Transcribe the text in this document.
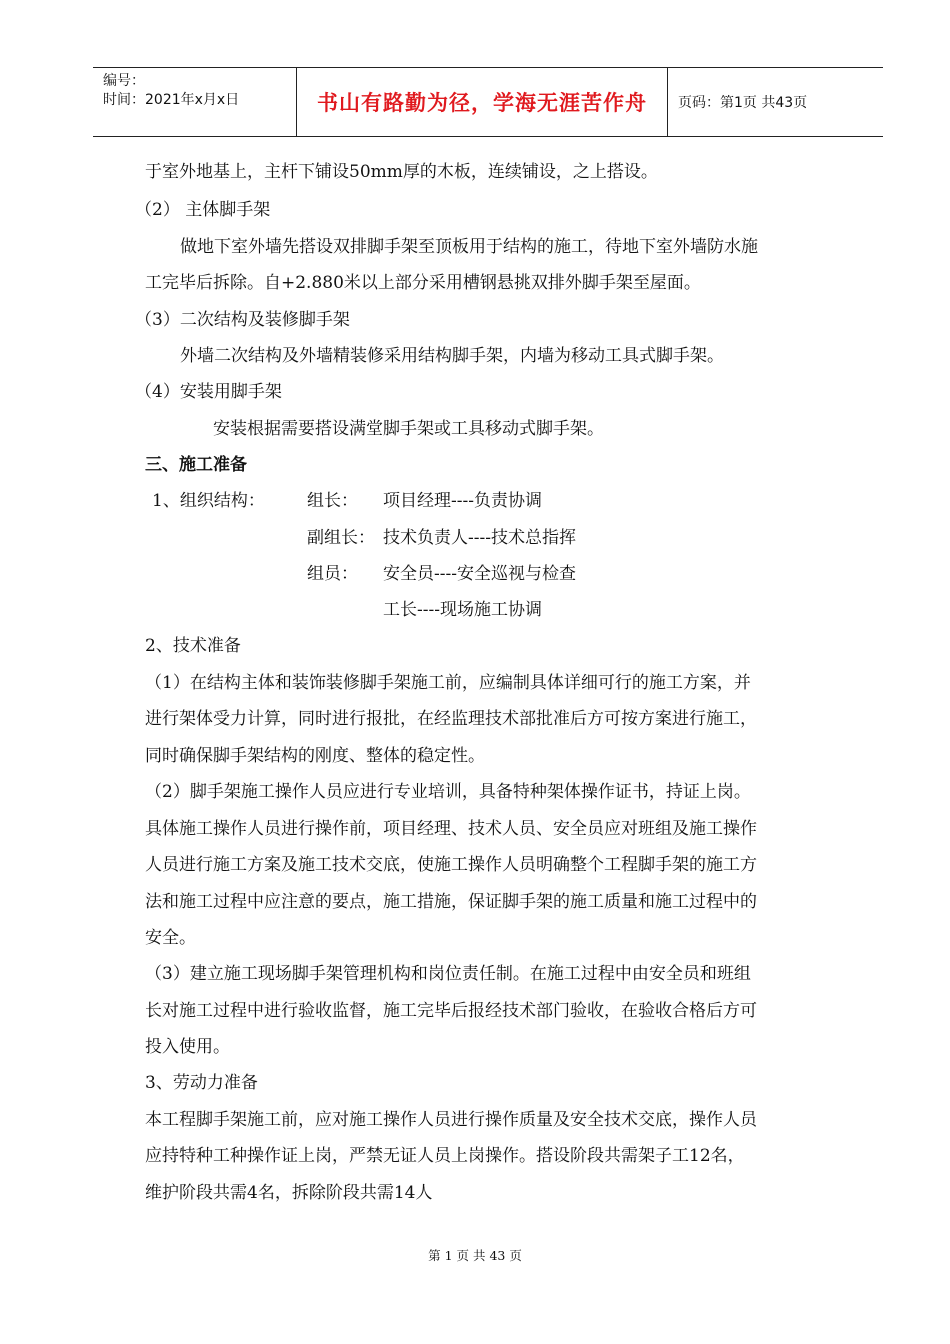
编号：
时间：2021年x月x日	书山有路勤为径，学海无涯苦作舟	页码：第1页 共43页
于室外地基上，主杆下铺设50mm厚的木板，连续铺设，之上搭设。
（2） 主体脚手架
做地下室外墙先搭设双排脚手架至顶板用于结构的施工，待地下室外墙防水施
工完毕后拆除。自+2.880米以上部分采用槽钢悬挑双排外脚手架至屋面。
（3）二次结构及装修脚手架
外墙二次结构及外墙精装修采用结构脚手架，内墙为移动工具式脚手架。
（4）安装用脚手架
安装根据需要搭设满堂脚手架或工具移动式脚手架。
三、施工准备
1、组织结构： 组长： 项目经理----负责协调
副组长： 技术负责人----技术总指挥
组员： 安全员----安全巡视与检查
工长----现场施工协调
2、技术准备
（1）在结构主体和装饰装修脚手架施工前，应编制具体详细可行的施工方案，并
进行架体受力计算，同时进行报批，在经监理技术部批准后方可按方案进行施工，
同时确保脚手架结构的刚度、整体的稳定性。
（2）脚手架施工操作人员应进行专业培训，具备特种架体操作证书，持证上岗。
具体施工操作人员进行操作前，项目经理、技术人员、安全员应对班组及施工操作
人员进行施工方案及施工技术交底，使施工操作人员明确整个工程脚手架的施工方
法和施工过程中应注意的要点，施工措施，保证脚手架的施工质量和施工过程中的
安全。
（3）建立施工现场脚手架管理机构和岗位责任制。在施工过程中由安全员和班组
长对施工过程中进行验收监督，施工完毕后报经技术部门验收，在验收合格后方可
投入使用。
3、劳动力准备
本工程脚手架施工前，应对施工操作人员进行操作质量及安全技术交底，操作人员
应持特种工种操作证上岗，严禁无证人员上岗操作。搭设阶段共需架子工12名，
维护阶段共需4名，拆除阶段共需14人
第 1 页 共 43 页
